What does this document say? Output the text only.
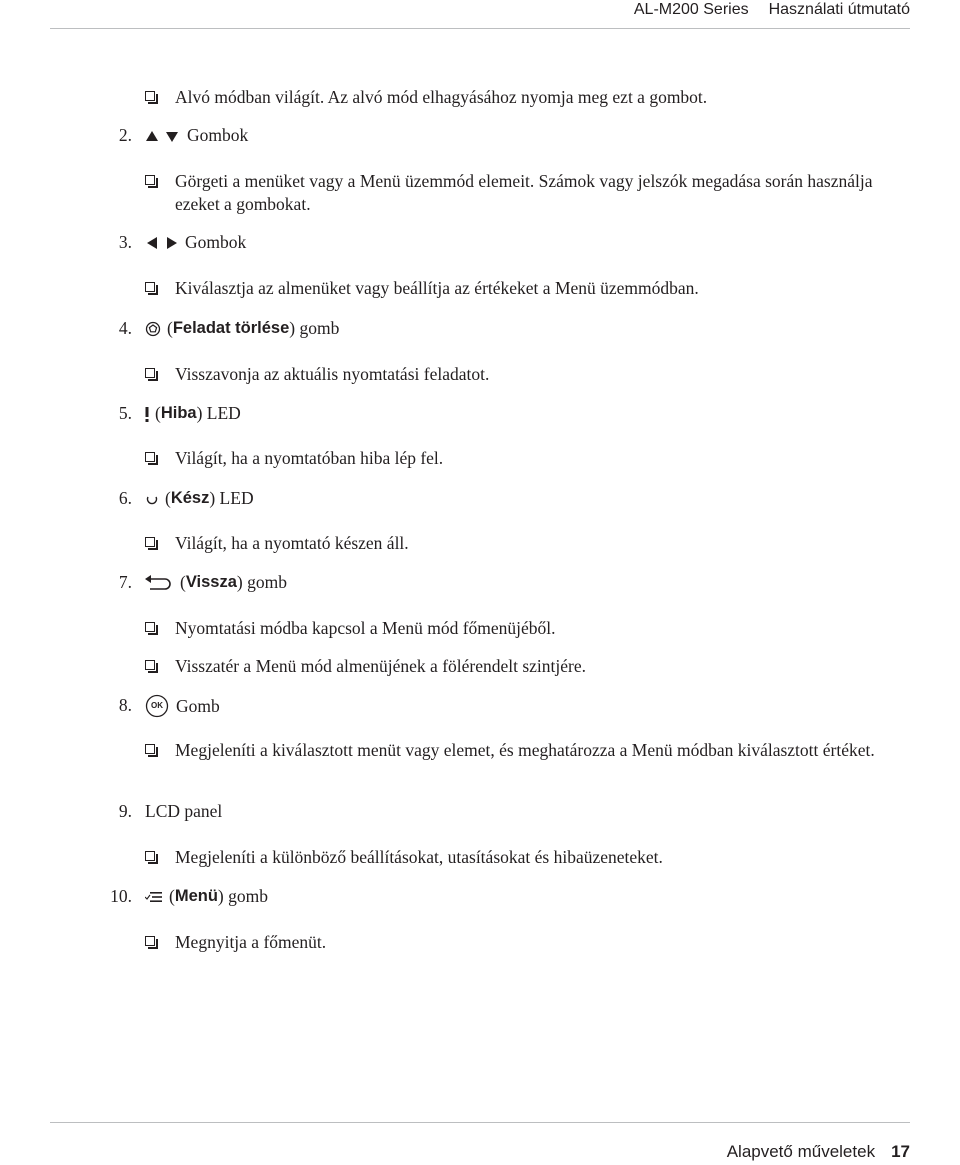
AL-M200 Series Használati útmutató
Alvó módban világít. Az alvó mód elhagyásához nyomja meg ezt a gombot.
2.	Gombok
Görgeti a menüket vagy a Menü üzemmód elemeit. Számok vagy jelszók megadása során használja ezeket a gombokat.
3.	Gombok
Kiválasztja az almenüket vagy beállítja az értékeket a Menü üzemmódban.
4. ( Feladat törlése ) gomb
Visszavonja az aktuális nyomtatási feladatot.
5. ( Hiba ) LED
Világít, ha a nyomtatóban hiba lép fel.
6. ( Kész ) LED
Világít, ha a nyomtató készen áll.
7.	( Vissza ) gomb
Nyomtatási módba kapcsol a Menü mód főmenüjéből.
Visszatér a Menü mód almenüjének a fölérendelt szintjére.
8. OK Gomb
Megjeleníti a kiválasztott menüt vagy elemet, és meghatározza a Menü módban kiválasztott értéket.
9. LCD panel
Megjeleníti a különböző beállításokat, utasításokat és hibaüzeneteket.
10. ( Menü ) gomb
Megnyitja a főmenüt.
Alapvető műveletek 17
